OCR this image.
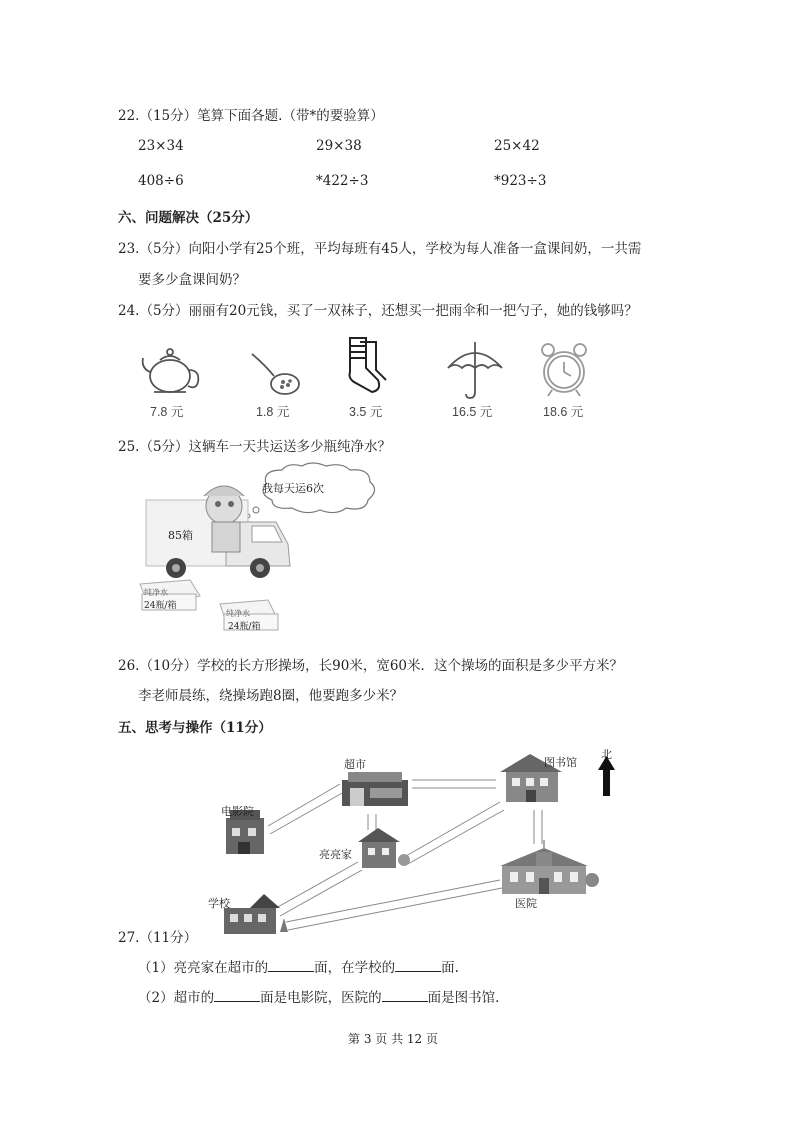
22.（15分）笔算下面各题.（带*的要验算）
23×34	29×38	25×42
408÷6	*422÷3	*923÷3
六、问题解决（25分）
23.（5分）向阳小学有25个班，平均每班有45人，学校为每人准备一盒课间奶，一共需
要多少盒课间奶？
24.（5分）丽丽有20元钱，买了一双袜子，还想买一把雨伞和一把勺子，她的钱够吗？
7.8 元	1.8 元	3.5 元	16.5 元	18.6 元
25.（5分）这辆车一天共运送多少瓶纯净水？
我每天运6次
85箱
纯净水
24瓶/箱
纯净水
24瓶/箱
26.（10分）学校的长方形操场，长90米，宽60米．这个操场的面积是多少平方米？
李老师晨练，绕操场跑8圈，他要跑多少米？
五、思考与操作（11分）
超市	图书馆
北
电影院
亮亮家
学校	医院
27.（11分）
（1）亮亮家在超市的	面，在学校的	面.
（2）超市的	面是电影院，医院的	面是图书馆.
第 3 页 共 12 页
